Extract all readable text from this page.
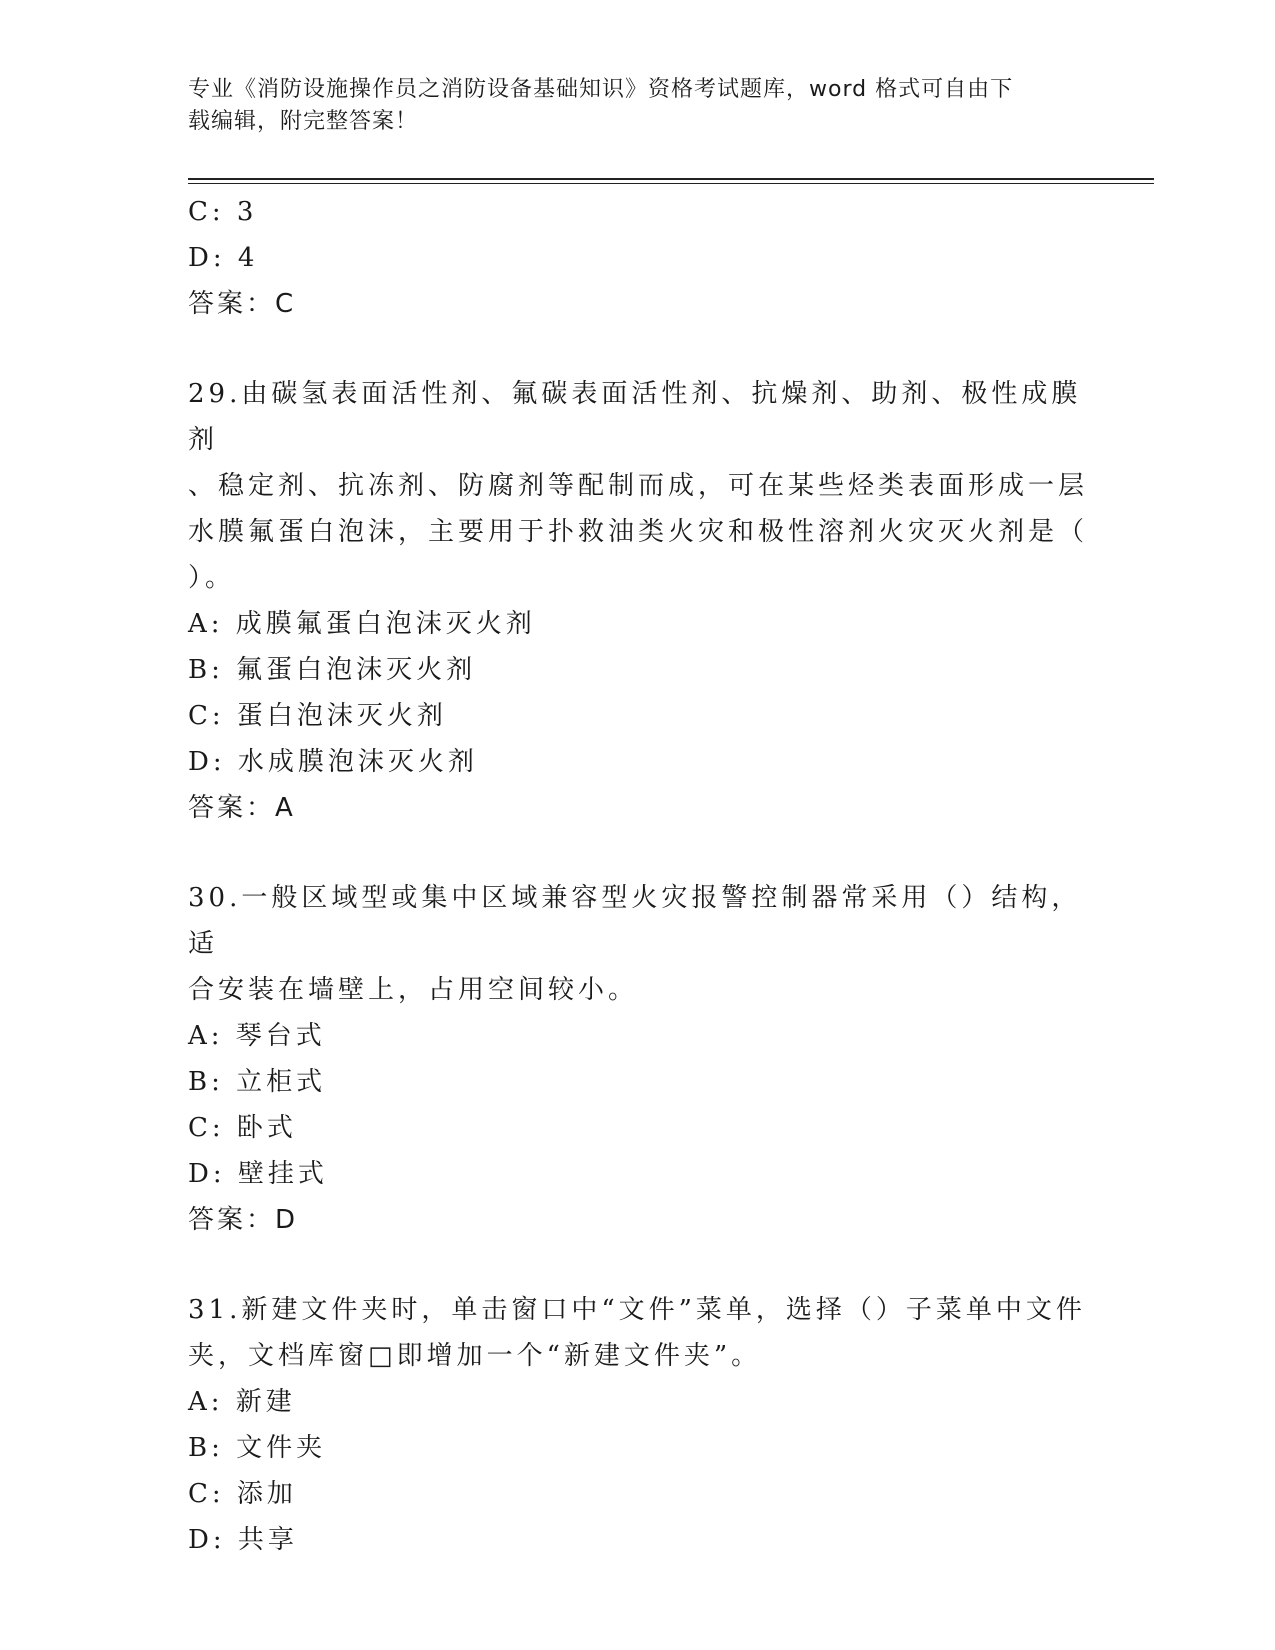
专业《消防设施操作员之消防设备基础知识》资格考试题库，word 格式可自由下
载编辑，附完整答案！
C: 3
D: 4
答案：C
29.由碳氢表面活性剂、氟碳表面活性剂、抗燥剂、助剂、极性成膜剂
、稳定剂、抗冻剂、防腐剂等配制而成，可在某些烃类表面形成一层
水膜氟蛋白泡沫，主要用于扑救油类火灾和极性溶剂火灾灭火剂是（
）。
A: 成膜氟蛋白泡沫灭火剂
B: 氟蛋白泡沫灭火剂
C: 蛋白泡沫灭火剂
D: 水成膜泡沫灭火剂
答案：A
30.一般区域型或集中区域兼容型火灾报警控制器常采用（）结构，适
合安装在墙壁上，占用空间较小。
A: 琴台式
B: 立柜式
C: 卧式
D: 壁挂式
答案：D
31.新建文件夹时，单击窗口中“文件”菜单，选择（）子菜单中文件
夹，文档库窗□即增加一个“新建文件夹”。
A: 新建
B: 文件夹
C: 添加
D: 共享
